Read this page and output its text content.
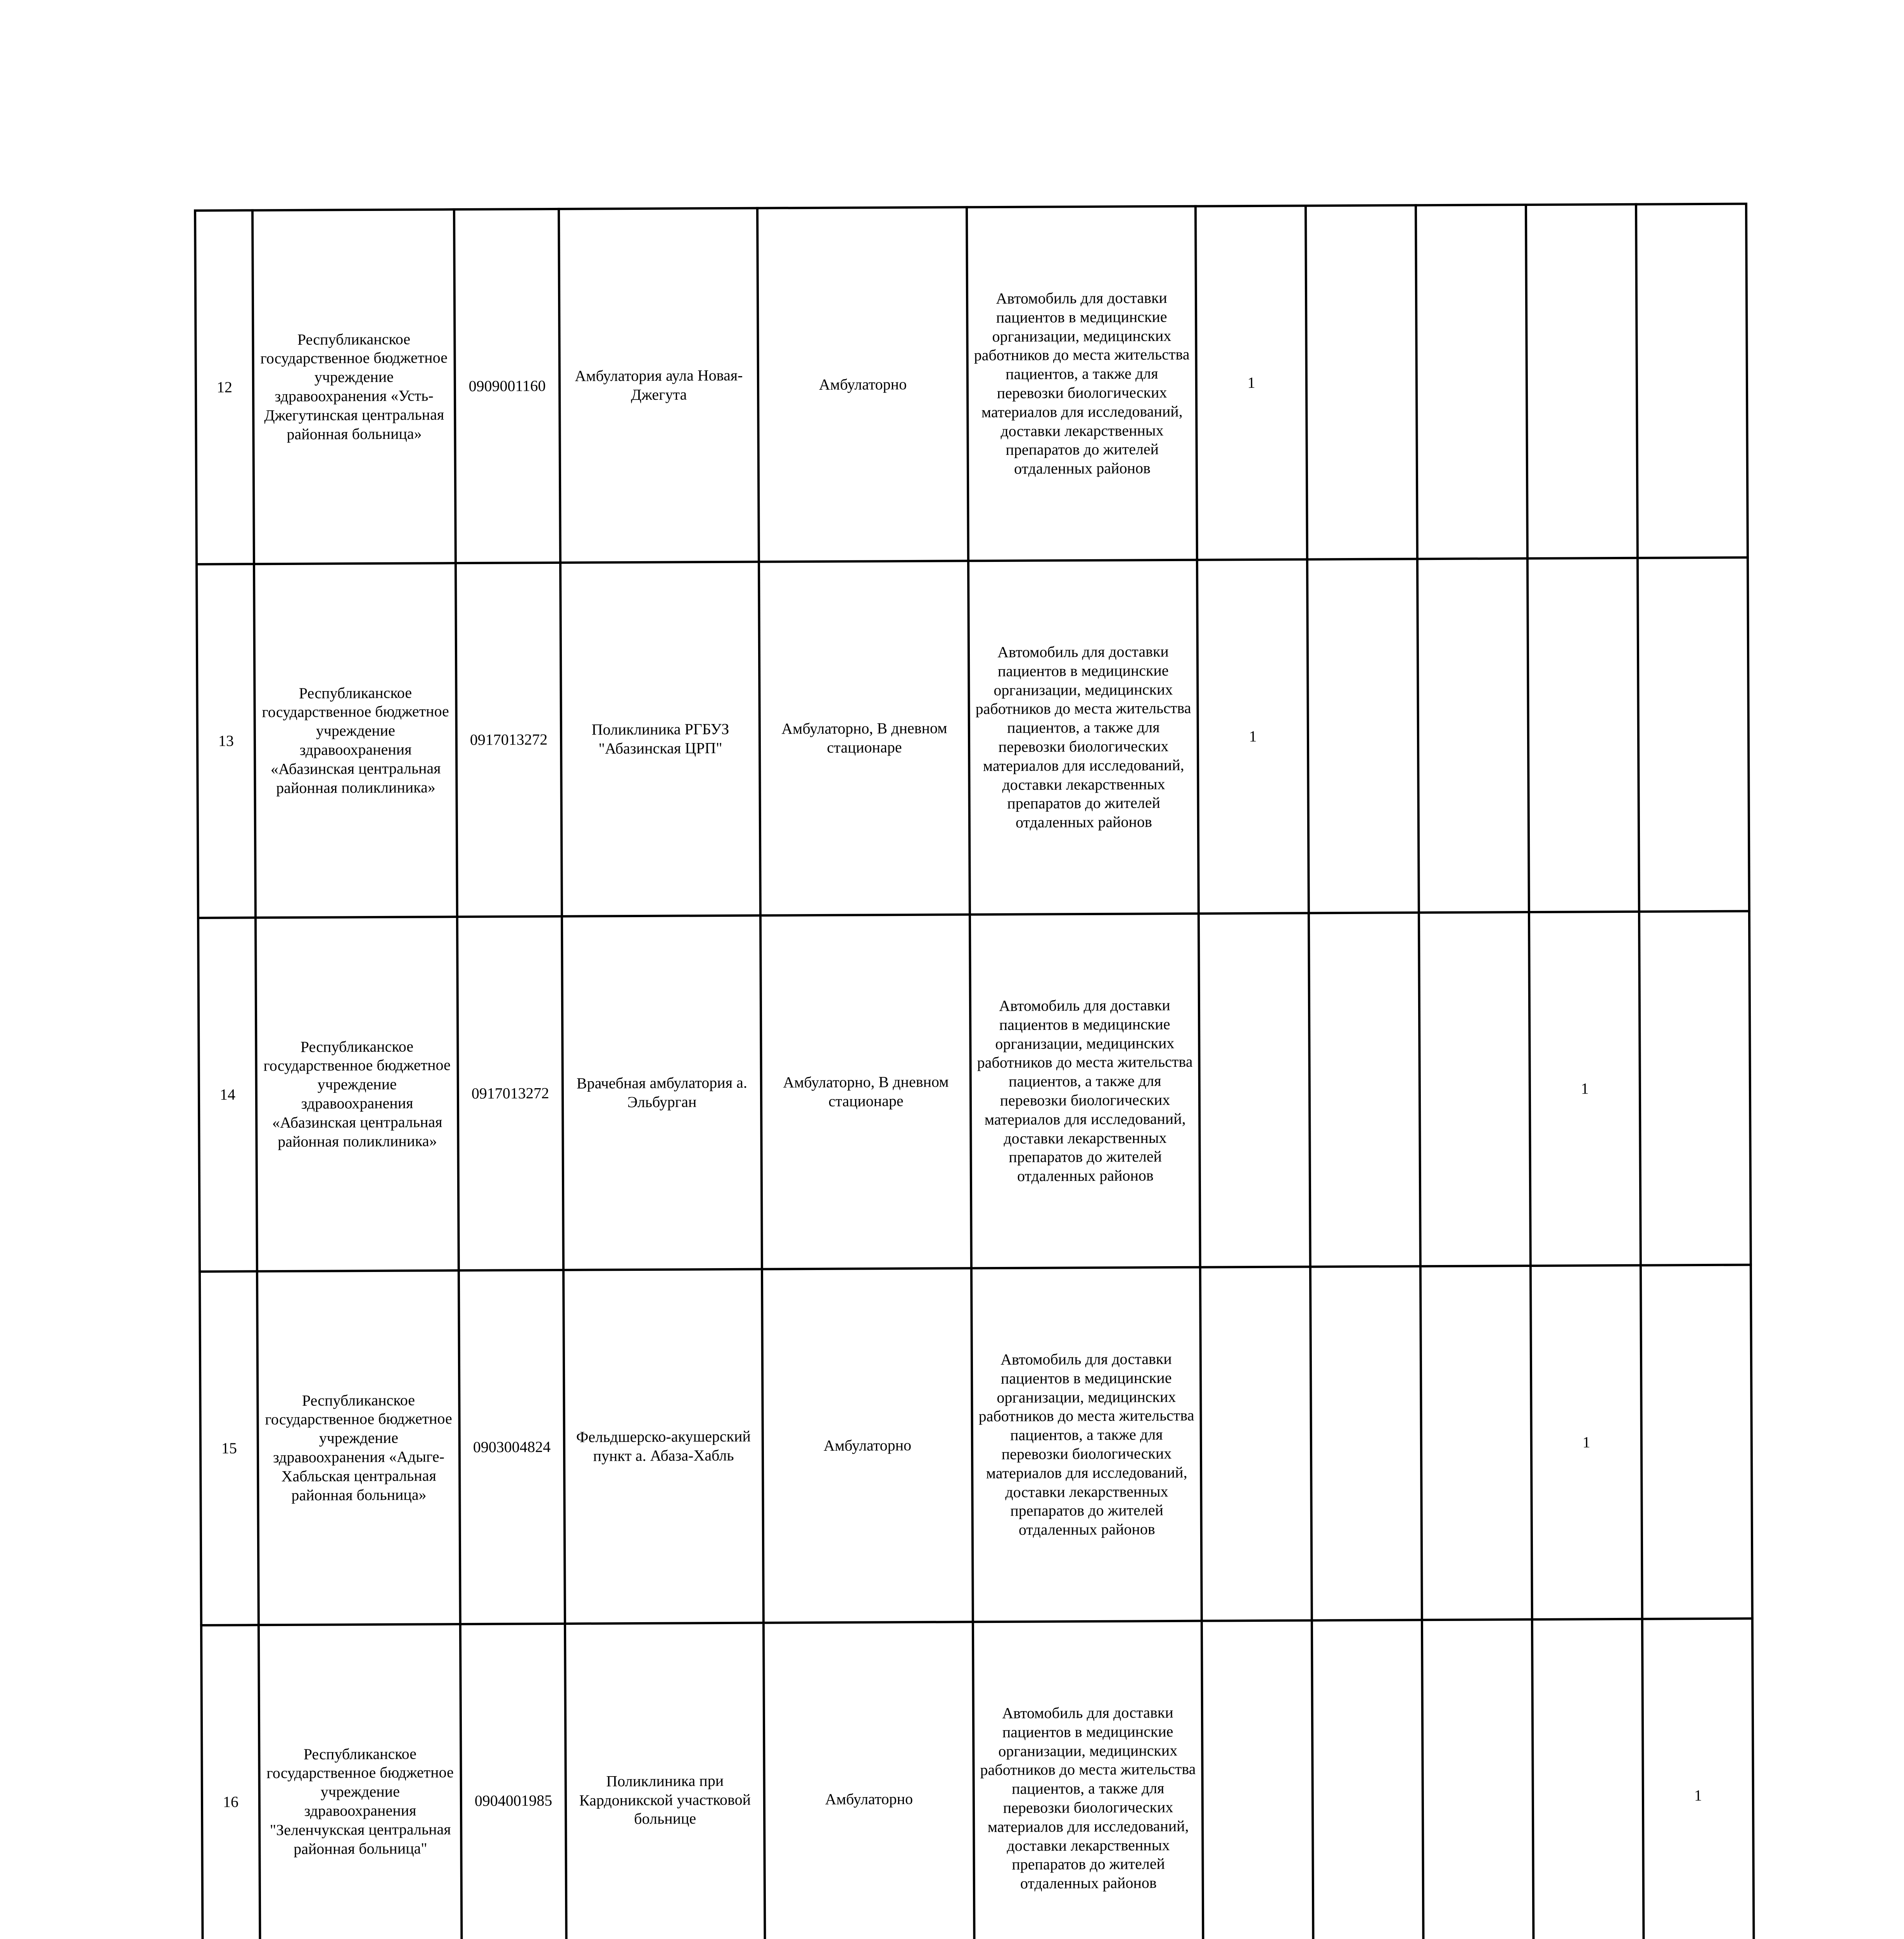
12	Республиканское государственное бюджетное учреждение здравоохранения «Усть-Джегутинская центральная районная больница»	0909001160	Амбулатория аула Новая-Джегута	Амбулаторно	Автомобиль для доставки пациентов в медицинские организации, медицинских работников до места жительства пациентов, а также для перевозки биологических материалов для исследований, доставки лекарственных препаратов до жителей отдаленных районов	1				
13	Республиканское государственное бюджетное учреждение здравоохранения «Абазинская центральная районная поликлиника»	0917013272	Поликлиника РГБУЗ "Абазинская ЦРП"	Амбулаторно, В дневном стационаре	Автомобиль для доставки пациентов в медицинские организации, медицинских работников до места жительства пациентов, а также для перевозки биологических материалов для исследований, доставки лекарственных препаратов до жителей отдаленных районов	1				
14	Республиканское государственное бюджетное учреждение здравоохранения «Абазинская центральная районная поликлиника»	0917013272	Врачебная амбулатория а. Эльбурган	Амбулаторно, В дневном стационаре	Автомобиль для доставки пациентов в медицинские организации, медицинских работников до места жительства пациентов, а также для перевозки биологических материалов для исследований, доставки лекарственных препаратов до жителей отдаленных районов				1	
15	Республиканское государственное бюджетное учреждение здравоохранения «Адыге-Хабльская центральная районная больница»	0903004824	Фельдшерско-акушерский пункт а. Абаза-Хабль	Амбулаторно	Автомобиль для доставки пациентов в медицинские организации, медицинских работников до места жительства пациентов, а также для перевозки биологических материалов для исследований, доставки лекарственных препаратов до жителей отдаленных районов				1	
16	Республиканское государственное бюджетное учреждение здравоохранения "Зеленчукская центральная районная больница"	0904001985	Поликлиника при Кардоникской участковой больнице	Амбулаторно	Автомобиль для доставки пациентов в медицинские организации, медицинских работников до места жительства пациентов, а также для перевозки биологических материалов для исследований, доставки лекарственных препаратов до жителей отдаленных районов					1
